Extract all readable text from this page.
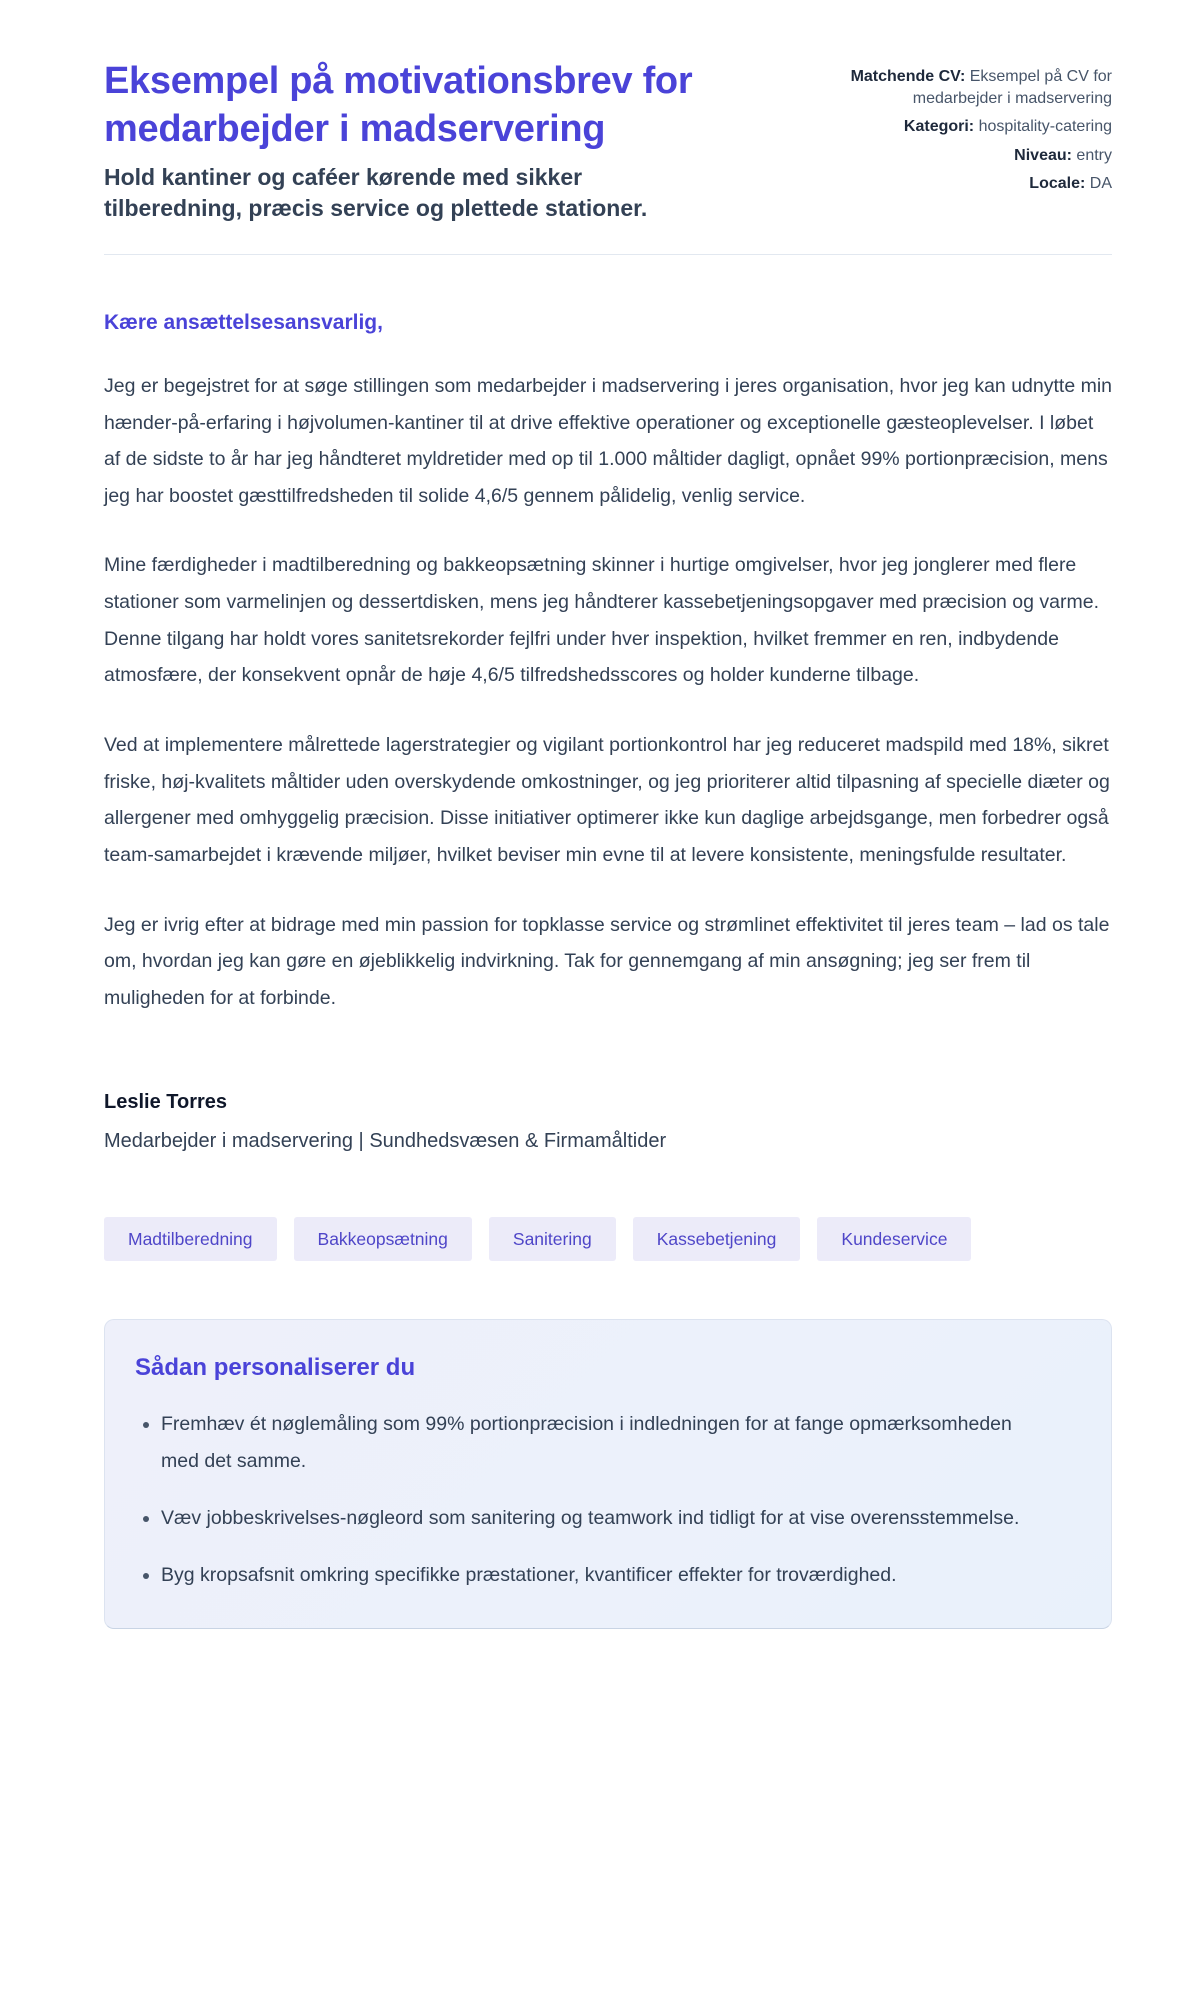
Eksempel på motivationsbrev for medarbejder i madservering
Hold kantiner og caféer kørende med sikker tilberedning, præcis service og plettede stationer.
Matchende CV: Eksempel på CV for medarbejder i madservering
Kategori: hospitality-catering
Niveau: entry
Locale: DA
Kære ansættelsesansvarlig,

Jeg er begejstret for at søge stillingen som medarbejder i madservering i jeres organisation, hvor jeg kan udnytte min hænder-på-erfaring i højvolumen-kantiner til at drive effektive operationer og exceptionelle gæsteoplevelser. I løbet af de sidste to år har jeg håndteret myldretider med op til 1.000 måltider dagligt, opnået 99% portionpræcision, mens jeg har boostet gæsttilfredsheden til solide 4,6/5 gennem pålidelig, venlig service.

Mine færdigheder i madtilberedning og bakkeopsætning skinner i hurtige omgivelser, hvor jeg jonglerer med flere stationer som varmelinjen og dessertdisken, mens jeg håndterer kassebetjeningsopgaver med præcision og varme. Denne tilgang har holdt vores sanitetsrekorder fejlfri under hver inspektion, hvilket fremmer en ren, indbydende atmosfære, der konsekvent opnår de høje 4,6/5 tilfredshedsscores og holder kunderne tilbage.

Ved at implementere målrettede lagerstrategier og vigilant portionkontrol har jeg reduceret madspild med 18%, sikret friske, høj-kvalitets måltider uden overskydende omkostninger, og jeg prioriterer altid tilpasning af specielle diæter og allergener med omhyggelig præcision. Disse initiativer optimerer ikke kun daglige arbejdsgange, men forbedrer også team-samarbejdet i krævende miljøer, hvilket beviser min evne til at levere konsistente, meningsfulde resultater.

Jeg er ivrig efter at bidrage med min passion for topklasse service og strømlinet effektivitet til jeres team – lad os tale om, hvordan jeg kan gøre en øjeblikkelig indvirkning. Tak for gennemgang af min ansøgning; jeg ser frem til muligheden for at forbinde.

Leslie Torres
Medarbejder i madservering | Sundhedsvæsen & Firmamåltider
Madtilberedning	Bakkeopsætning	Sanitering	Kassebetjening	Kundeservice
Sådan personaliserer du
• Fremhæv ét nøglemåling som 99% portionpræcision i indledningen for at fange opmærksomheden med det samme.
• Væv jobbeskrivelses-nøgleord som sanitering og teamwork ind tidligt for at vise overensstemmelse.
• Byg kropsafsnit omkring specifikke præstationer, kvantificer effekter for troværdighed.
